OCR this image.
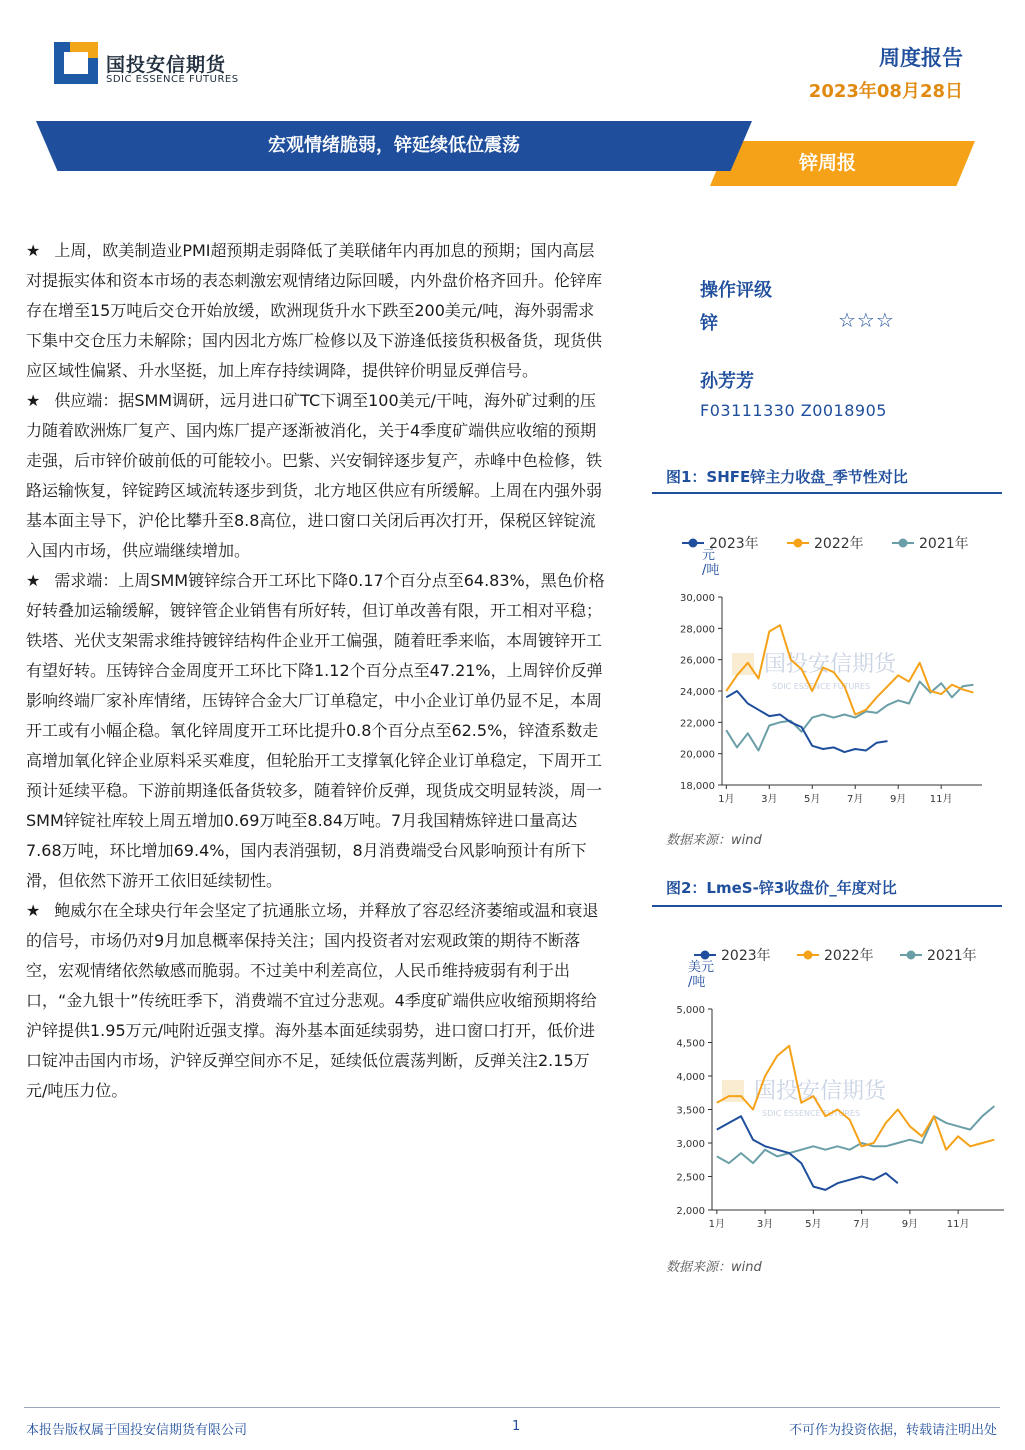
国投安信期货
SDIC ESSENCE FUTURES
周度报告
2023年08月28日
锌周报
宏观情绪脆弱，锌延续低位震荡

★ 上周，欧美制造业PMI超预期走弱降低了美联储年内再加息的预期；国内高层对提振实体和资本市场的表态刺激宏观情绪边际回暖，内外盘价格齐回升。伦锌库存在增至15万吨后交仓开始放缓，欧洲现货升水下跌至200美元/吨，海外弱需求下集中交仓压力未解除；国内因北方炼厂检修以及下游逢低接货积极备货，现货供应区域性偏紧、升水坚挺，加上库存持续调降，提供锌价明显反弹信号。

★ 供应端：据SMM调研，远月进口矿TC下调至100美元/干吨，海外矿过剩的压力随着欧洲炼厂复产、国内炼厂提产逐渐被消化，关于4季度矿端供应收缩的预期走强，后市锌价破前低的可能较小。巴紫、兴安铜锌逐步复产，赤峰中色检修，铁路运输恢复，锌锭跨区域流转逐步到货，北方地区供应有所缓解。上周在内强外弱基本面主导下，沪伦比攀升至8.8高位，进口窗口关闭后再次打开，保税区锌锭流入国内市场，供应端继续增加。

★ 需求端：上周SMM镀锌综合开工环比下降0.17个百分点至64.83%，黑色价格好转叠加运输缓解，镀锌管企业销售有所好转，但订单改善有限，开工相对平稳；铁塔、光伏支架需求维持镀锌结构件企业开工偏强，随着旺季来临，本周镀锌开工有望好转。压铸锌合金周度开工环比下降1.12个百分点至47.21%，上周锌价反弹影响终端厂家补库情绪，压铸锌合金大厂订单稳定，中小企业订单仍显不足，本周开工或有小幅企稳。氧化锌周度开工环比提升0.8个百分点至62.5%，锌渣系数走高增加氧化锌企业原料采买难度，但轮胎开工支撑氧化锌企业订单稳定，下周开工预计延续平稳。下游前期逢低备货较多，随着锌价反弹，现货成交明显转淡，周一SMM锌锭社库较上周五增加0.69万吨至8.84万吨。7月我国精炼锌进口量高达7.68万吨，环比增加69.4%，国内表消强韧，8月消费端受台风影响预计有所下滑，但依然下游开工依旧延续韧性。

★ 鲍威尔在全球央行年会坚定了抗通胀立场，并释放了容忍经济萎缩或温和衰退的信号，市场仍对9月加息概率保持关注；国内投资者对宏观政策的期待不断落空，宏观情绪依然敏感而脆弱。不过美中利差高位，人民币维持疲弱有利于出口，“金九银十”传统旺季下，消费端不宜过分悲观。4季度矿端供应收缩预期将给沪锌提供1.95万元/吨附近强支撑。海外基本面延续弱势，进口窗口打开，低价进口锭冲击国内市场，沪锌反弹空间亦不足，延续低位震荡判断，反弹关注2.15万元/吨压力位。

操作评级
锌	☆☆☆
孙芳芳
F03111330 Z0018905
图1：SHFE锌主力收盘_季节性对比
国投安信期货
SDIC ESSENCE FUTURES
2023年	2022年	2021年
元
/吨
30,000
28,000
26,000
24,000
22,000
20,000
18,000
1月	3月	5月	7月	9月 11月
数据来源：wind
图2：LmeS-锌3收盘价_年度对比
国投安信期货
SDIC ESSENCE FUTURES
2023年	2022年	2021年
美元
/吨
5,000
4,500
4,000
3,500
3,000
2,500
2,000
1月	3月	5月	7月	9月	11月
数据来源：wind
本报告版权属于国投安信期货有限公司	1	不可作为投资依据，转载请注明出处
